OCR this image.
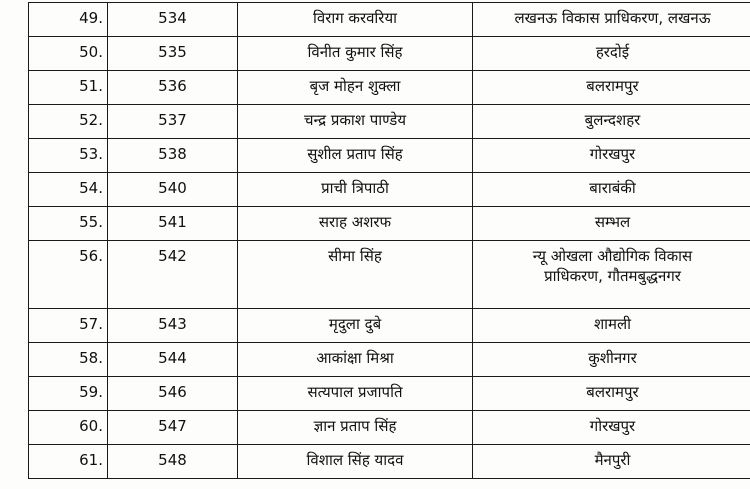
49.	534	विराग करवरिया	लखनऊ विकास प्राधिकरण, लखनऊ

50.	535	विनीत कुमार सिंह	हरदोई

51.	536	बृज मोहन शुक्ला	बलरामपुर

52.	537	चन्द्र प्रकाश पाण्डेय	बुलन्दशहर

53.	538	सुशील प्रताप सिंह	गोरखपुर

54.	540	प्राची त्रिपाठी	बाराबंकी

55.	541	सराह अशरफ	सम्भल

56.	542	सीमा सिंह	न्यू ओखला औद्योगिक विकास
प्राधिकरण, गौतमबुद्धनगर

57.	543	मृदुला दुबे	शामली

58.	544	आकांक्षा मिश्रा	कुशीनगर

59.	546	सत्यपाल प्रजापति	बलरामपुर

60.	547	ज्ञान प्रताप सिंह	गोरखपुर

61.	548	विशाल सिंह यादव	मैनपुरी
